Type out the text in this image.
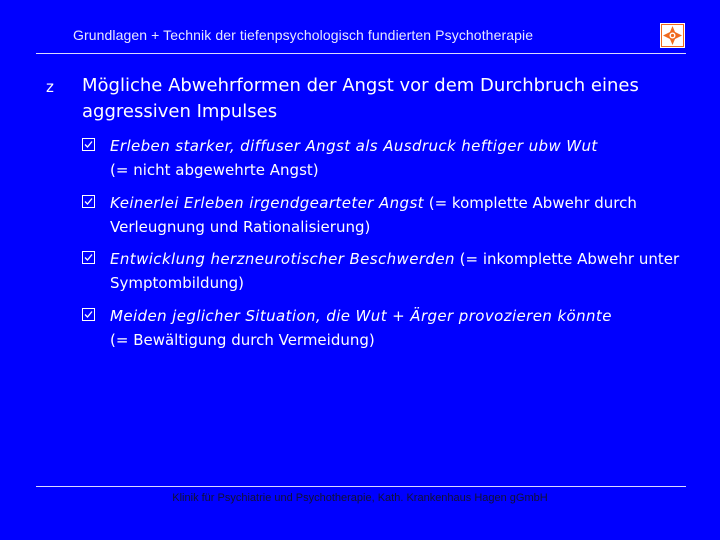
Grundlagen + Technik der tiefenpsychologisch fundierten Psychotherapie
z Mögliche Abwehrformen der Angst vor dem Durchbruch eines aggressiven Impulses
Erleben starker, diffuser Angst als Ausdruck heftiger ubw Wut
(= nicht abgewehrte Angst)
Keinerlei Erleben irgendgearteter Angst (= komplette Abwehr durch Verleugnung und Rationalisierung)
Entwicklung herzneurotischer Beschwerden (= inkomplette Abwehr unter Symptombildung)
Meiden jeglicher Situation, die Wut + Ärger provozieren könnte
(= Bewältigung durch Vermeidung)
Klinik für Psychiatrie und Psychotherapie, Kath. Krankenhaus Hagen gGmbH
